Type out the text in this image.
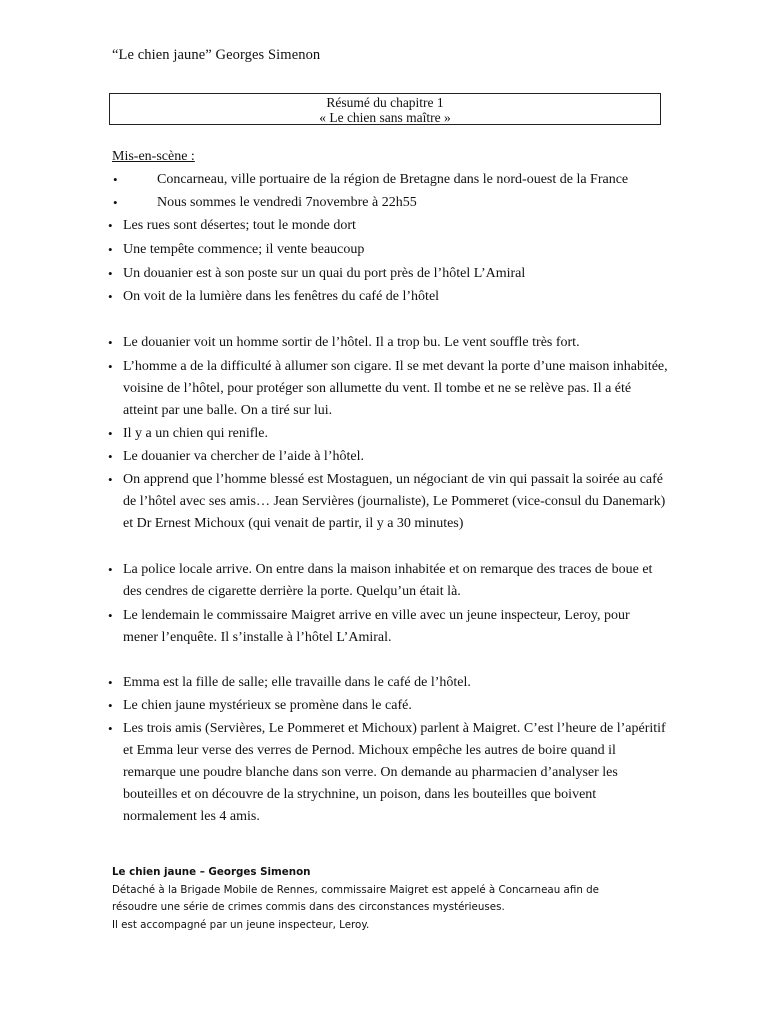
“Le chien jaune” Georges Simenon
Résumé du chapitre 1
« Le chien sans maître »
Mis-en-scène :
•	Concarneau, ville portuaire de la région de Bretagne dans le nord-ouest de la France
•	Nous sommes le vendredi 7novembre à 22h55
• Les rues sont désertes; tout le monde dort
• Une tempête commence; il vente beaucoup
• Un douanier est à son poste sur un quai du port près de l’hôtel L’Amiral
• On voit de la lumière dans les fenêtres du café de l’hôtel
• Le douanier voit un homme sortir de l’hôtel. Il a trop bu. Le vent souffle très fort.
• L’homme a de la difficulté à allumer son cigare. Il se met devant la porte d’une maison inhabitée, voisine de l’hôtel, pour protéger son allumette du vent. Il tombe et ne se relève pas. Il a été atteint par une balle. On a tiré sur lui.
• Il y a un chien qui renifle.
• Le douanier va chercher de l’aide à l’hôtel.
• On apprend que l’homme blessé est Mostaguen, un négociant de vin qui passait la soirée au café de l’hôtel avec ses amis… Jean Servières (journaliste), Le Pommeret (vice-consul du Danemark) et Dr Ernest Michoux (qui venait de partir, il y a 30 minutes)
• La police locale arrive. On entre dans la maison inhabitée et on remarque des traces de boue et des cendres de cigarette derrière la porte. Quelqu’un était là.
• Le lendemain le commissaire Maigret arrive en ville avec un jeune inspecteur, Leroy, pour mener l’enquête. Il s’installe à l’hôtel L’Amiral.
• Emma est la fille de salle; elle travaille dans le café de l’hôtel.
• Le chien jaune mystérieux se promène dans le café.
• Les trois amis (Servières, Le Pommeret et Michoux) parlent à Maigret. C’est l’heure de l’apéritif et Emma leur verse des verres de Pernod. Michoux empêche les autres de boire quand il remarque une poudre blanche dans son verre. On demande au pharmacien d’analyser les bouteilles et on découvre de la strychnine, un poison, dans les bouteilles que boivent normalement les 4 amis.
Le chien jaune – Georges Simenon
Détaché à la Brigade Mobile de Rennes, commissaire Maigret est appelé à Concarneau afin de
résoudre une série de crimes commis dans des circonstances mystérieuses.
Il est accompagné par un jeune inspecteur, Leroy.
